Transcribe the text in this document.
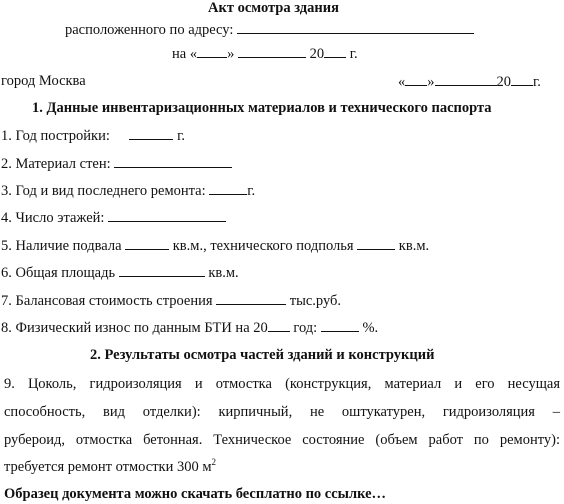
Акт осмотра здания
расположенного по адресу:
на « »	20 г.
город Москва	« »	20 г.
1. Данные инвентаризационных материалов и технического паспорта
1. Год постройки:	г.
2. Материал стен:
3. Год и вид последнего ремонта:	г.
4. Число этажей:
5. Наличие подвала	кв.м., технического подполья	кв.м.
6. Общая площадь	кв.м.
7. Балансовая стоимость строения	тыс.руб.
8. Физический износ по данным БТИ на 20 год:	%.
2. Результаты осмотра частей зданий и конструкций
9. Цоколь, гидроизоляция и отмостка (конструкция, материал и его несущая
способность, вид отделки): кирпичный, не оштукатурен, гидроизоляция –
рубероид, отмостка бетонная. Техническое состояние (объем работ по ремонту):
требуется ремонт отмостки 300 $м^2$
Образец документа можно скачать бесплатно по ссылке…
